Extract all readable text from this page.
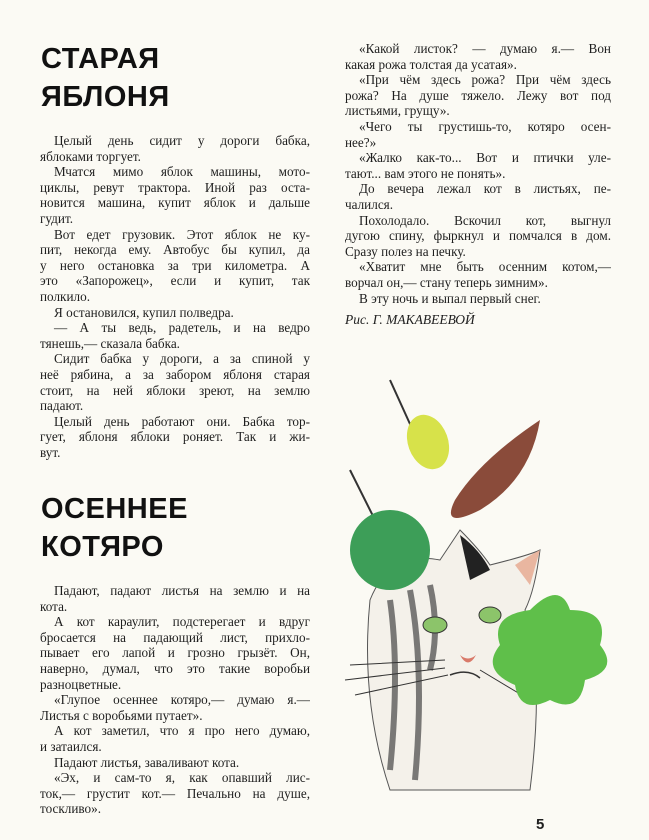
СТАРАЯ
ЯБЛОНЯ
Целый день сидит у дороги бабка,
яблоками торгует.
Мчатся мимо яблок машины, мото-
циклы, ревут трактора. Иной раз оста-
новится машина, купит яблок и дальше
гудит.
Вот едет грузовик. Этот яблок не ку-
пит, некогда ему. Автобус бы купил, да
у него остановка за три километра. А
это «Запорожец», если и купит, так
полкило.
Я остановился, купил полведра.
— А ты ведь, радетель, и на ведро
тянешь,— сказала бабка.
Сидит бабка у дороги, а за спиной у
неё рябина, а за забором яблоня старая
стоит, на ней яблоки зреют, на землю
падают.
Целый день работают они. Бабка тор-
гует, яблоня яблоки роняет. Так и жи-
вут.
ОСЕННЕЕ
КОТЯРО
Падают, падают листья на землю и на
кота.
А кот караулит, подстерегает и вдруг
бросается на падающий лист, прихло-
пывает его лапой и грозно грызёт. Он,
наверно, думал, что это такие воробьи
разноцветные.
«Глупое осеннее котяро,— думаю я.—
Листья с воробьями путает».
А кот заметил, что я про него думаю,
и затаился.
Падают листья, заваливают кота.
«Эх, и сам-то я, как опавший лис-
ток,— грустит кот.— Печально на душе,
тоскливо».
«Какой листок? — думаю я.— Вон
какая рожа толстая да усатая».
«При чём здесь рожа? При чём здесь
рожа? На душе тяжело. Лежу вот под
листьями, грущу».
«Чего ты грустишь-то, котяро осен-
нее?»
«Жалко как-то... Вот и птички уле-
тают... вам этого не понять».
До вечера лежал кот в листьях, пе-
чалился.
Похолодало. Вскочил кот, выгнул
дугою спину, фыркнул и помчался в дом.
Сразу полез на печку.
«Хватит мне быть осенним котом,—
ворчал он,— стану теперь зимним».
В эту ночь и выпал первый снег.
Рис. Г. МАКАВЕЕВОЙ
5
